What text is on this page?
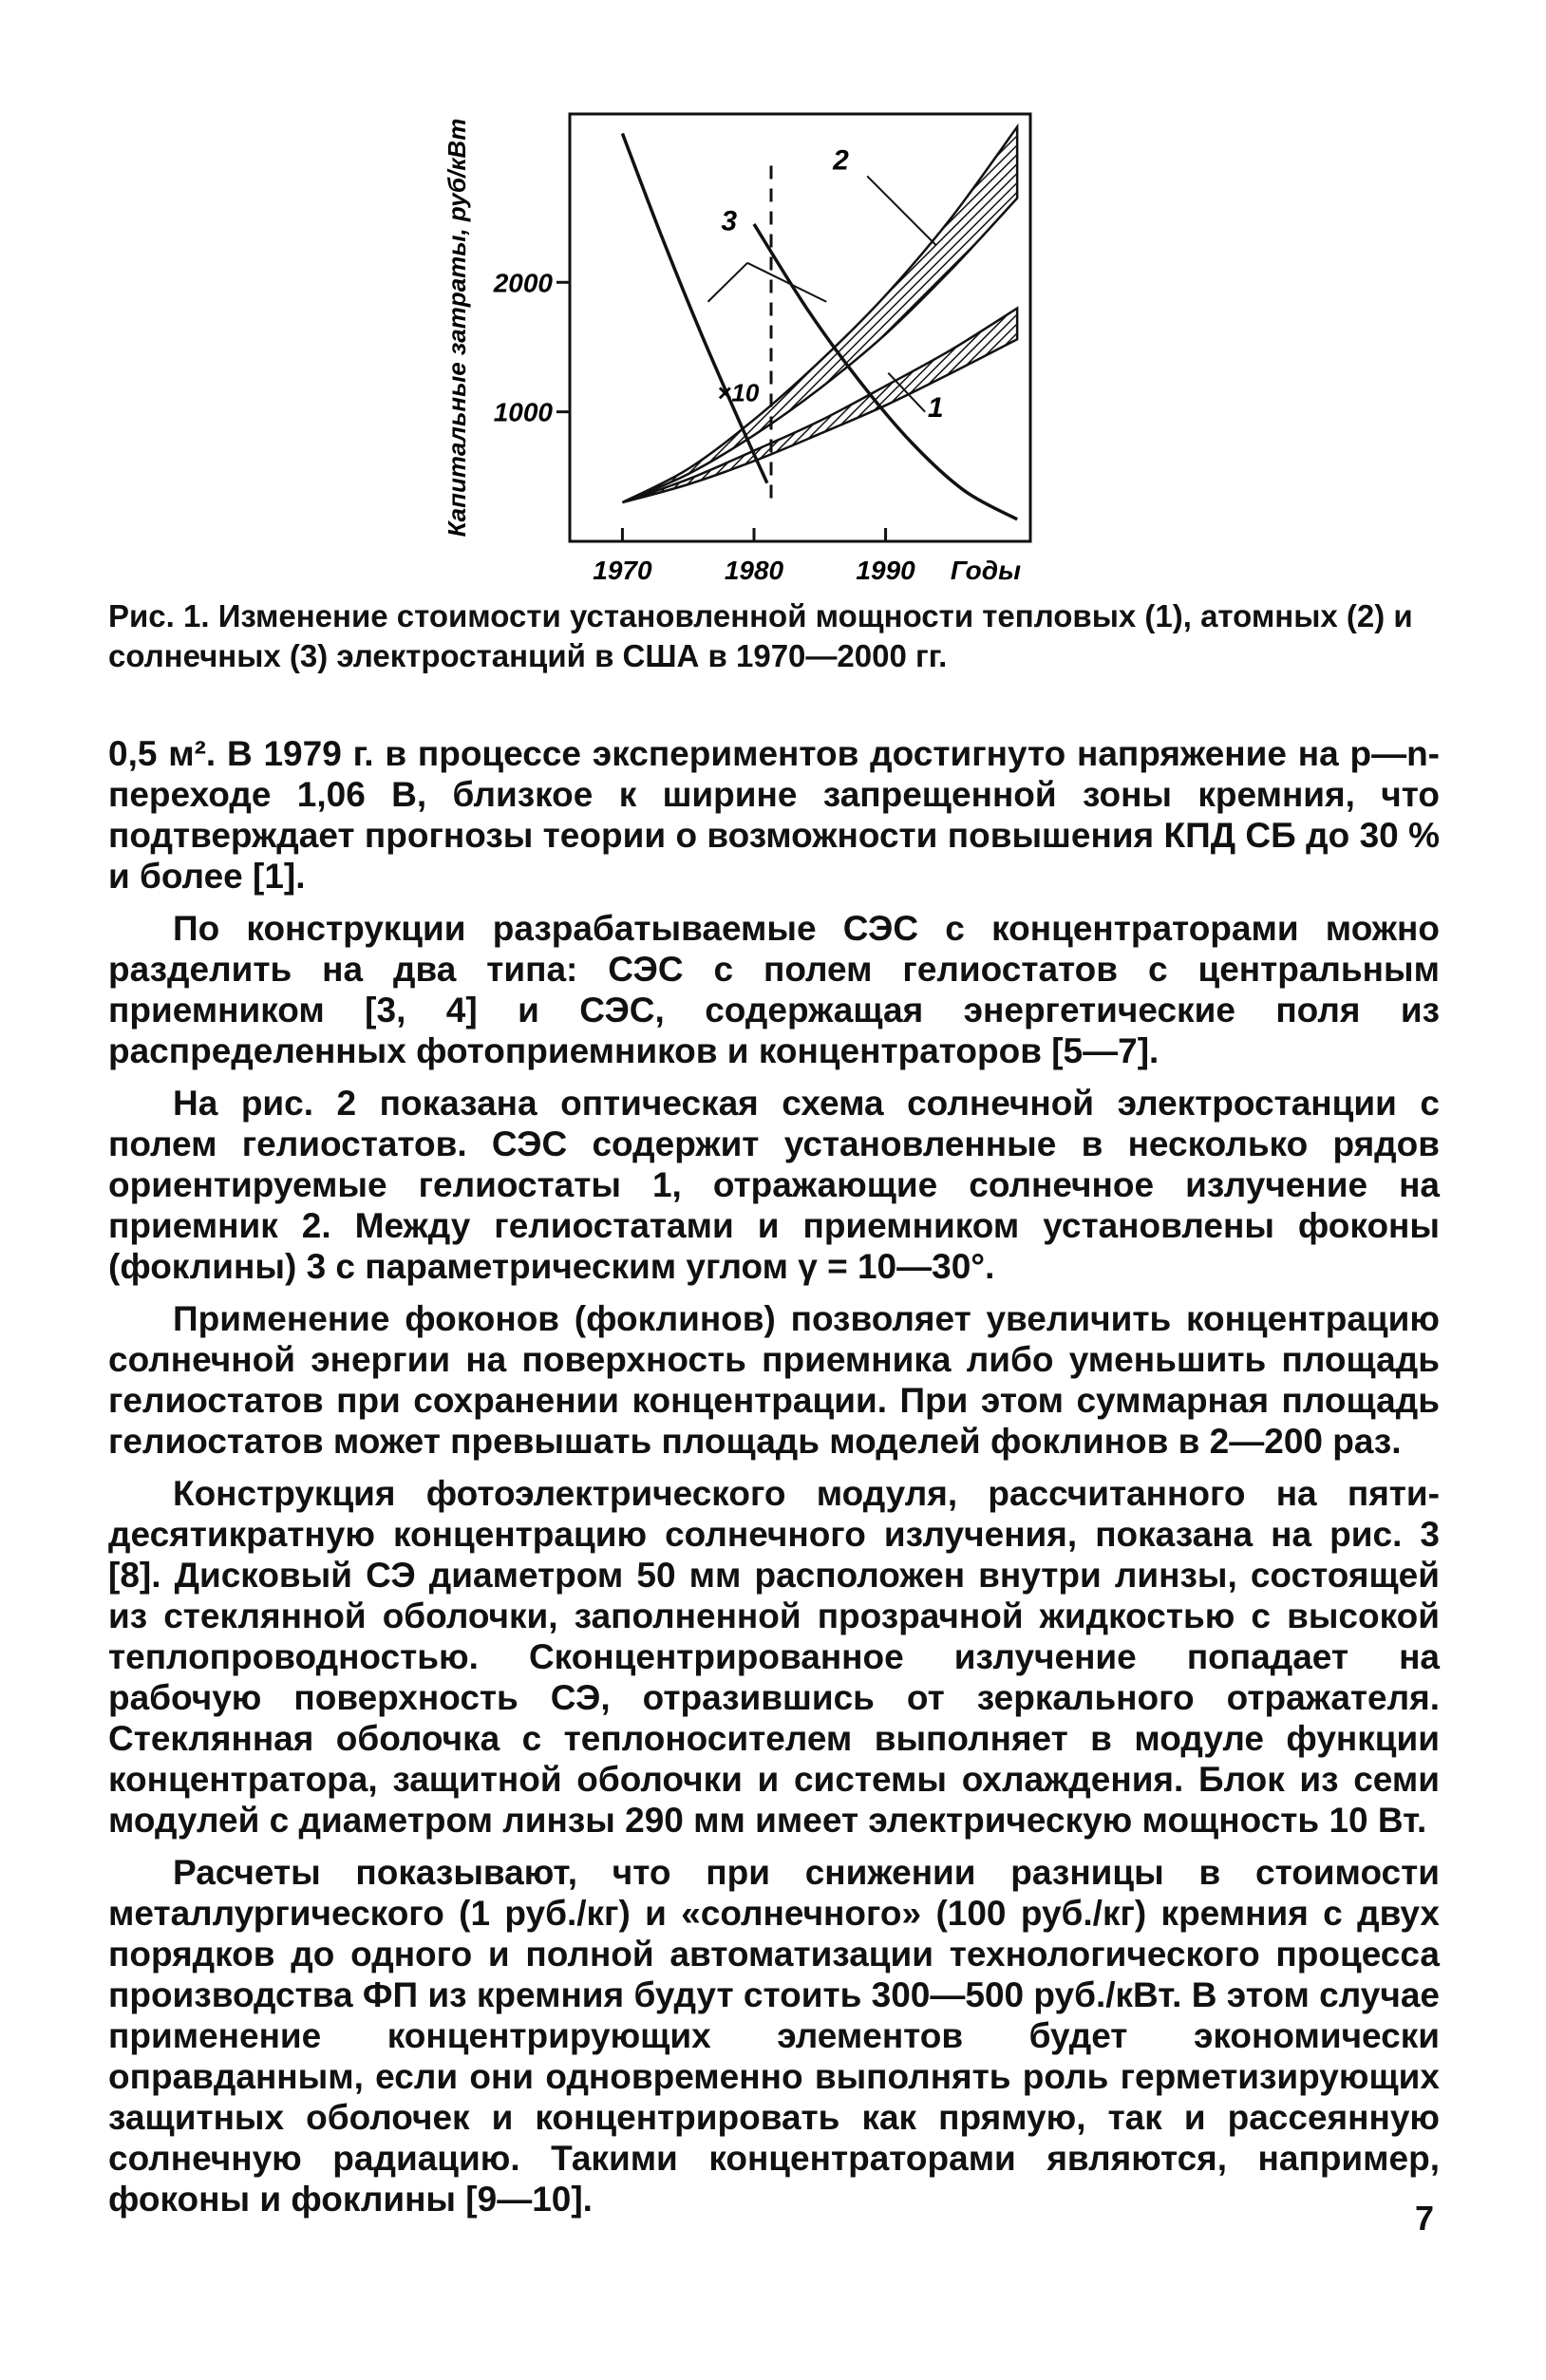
1000
2000
1970	1980	1990 Годы
Капитальные затраты, руб/кВт	2
3
×10	1

Рис. 1. Изменение стоимости установленной мощности тепловых (1), атомных (2) и солнечных (3) электростанций в США в 1970—2000 гг.

0,5 м². В 1979 г. в процессе экспериментов достигнуто напряжение на p—n-переходе 1,06 В, близкое к ширине запрещенной зоны кремния, что подтверждает прогнозы теории о возможности повышения КПД СБ до 30 % и более [1].

По конструкции разрабатываемые СЭС с концентраторами можно разделить на два типа: СЭС с полем гелиостатов с центральным приемником [3, 4] и СЭС, содержащая энергетические поля из распределенных фотоприемников и концентраторов [5—7].

На рис. 2 показана оптическая схема солнечной электростанции с полем гелиостатов. СЭС содержит установленные в несколько рядов ориентируемые гелиостаты 1, отражающие солнечное излучение на приемник 2. Между гелиостатами и приемником установлены фоконы (фоклины) 3 с параметрическим углом γ = 10—30°.

Применение фоконов (фоклинов) позволяет увеличить концентрацию солнечной энергии на поверхность приемника либо уменьшить площадь гелиостатов при сохранении концентрации. При этом суммарная площадь гелиостатов может превышать площадь моделей фоклинов в 2—200 раз.

Конструкция фотоэлектрического модуля, рассчитанного на пяти-десятикратную концентрацию солнечного излучения, показана на рис. 3 [8]. Дисковый СЭ диаметром 50 мм расположен внутри линзы, состоящей из стеклянной оболочки, заполненной прозрачной жидкостью с высокой теплопроводностью. Сконцентрированное излучение попадает на рабочую поверхность СЭ, отразившись от зеркального отражателя. Стеклянная оболочка с теплоносителем выполняет в модуле функции концентратора, защитной оболочки и системы охлаждения. Блок из семи модулей с диаметром линзы 290 мм имеет электрическую мощность 10 Вт.

Расчеты показывают, что при снижении разницы в стоимости металлургического (1 руб./кг) и «солнечного» (100 руб./кг) кремния с двух порядков до одного и полной автоматизации технологического процесса производства ФП из кремния будут стоить 300—500 руб./кВт. В этом случае применение концентрирующих элементов будет экономически оправданным, если они одновременно выполнять роль герметизирующих защитных оболочек и концентрировать как прямую, так и рассеянную солнечную радиацию. Такими концентраторами являются, например, фоконы и фоклины [9—10].	7
